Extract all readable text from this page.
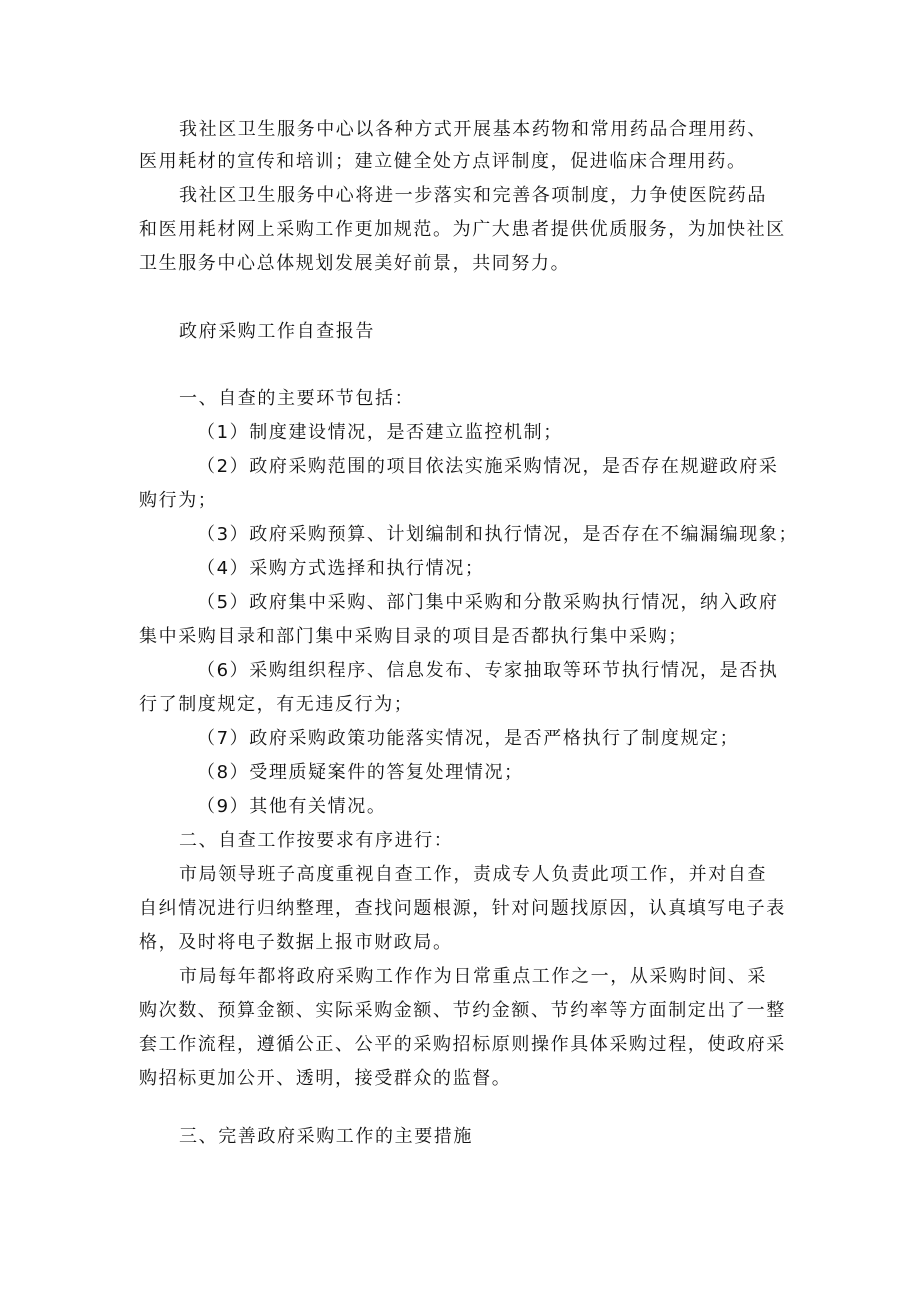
我社区卫生服务中心以各种方式开展基本药物和常用药品合理用药、

医用耗材的宣传和培训；建立健全处方点评制度，促进临床合理用药。

我社区卫生服务中心将进一步落实和完善各项制度，力争使医院药品

和医用耗材网上采购工作更加规范。为广大患者提供优质服务，为加快社区

卫生服务中心总体规划发展美好前景，共同努力。

政府采购工作自查报告

一、自查的主要环节包括：

（1）制度建设情况，是否建立监控机制；

（2）政府采购范围的项目依法实施采购情况，是否存在规避政府采

购行为；

（3）政府采购预算、计划编制和执行情况，是否存在不编漏编现象；

（4）采购方式选择和执行情况；

（5）政府集中采购、部门集中采购和分散采购执行情况，纳入政府

集中采购目录和部门集中采购目录的项目是否都执行集中采购；

（6）采购组织程序、信息发布、专家抽取等环节执行情况，是否执

行了制度规定，有无违反行为；

（7）政府采购政策功能落实情况，是否严格执行了制度规定；

（8）受理质疑案件的答复处理情况；

（9）其他有关情况。

二、自查工作按要求有序进行：

市局领导班子高度重视自查工作，责成专人负责此项工作，并对自查

自纠情况进行归纳整理，查找问题根源，针对问题找原因，认真填写电子表

格，及时将电子数据上报市财政局。

市局每年都将政府采购工作作为日常重点工作之一，从采购时间、采

购次数、预算金额、实际采购金额、节约金额、节约率等方面制定出了一整

套工作流程，遵循公正、公平的采购招标原则操作具体采购过程，使政府采

购招标更加公开、透明，接受群众的监督。

三、完善政府采购工作的主要措施
